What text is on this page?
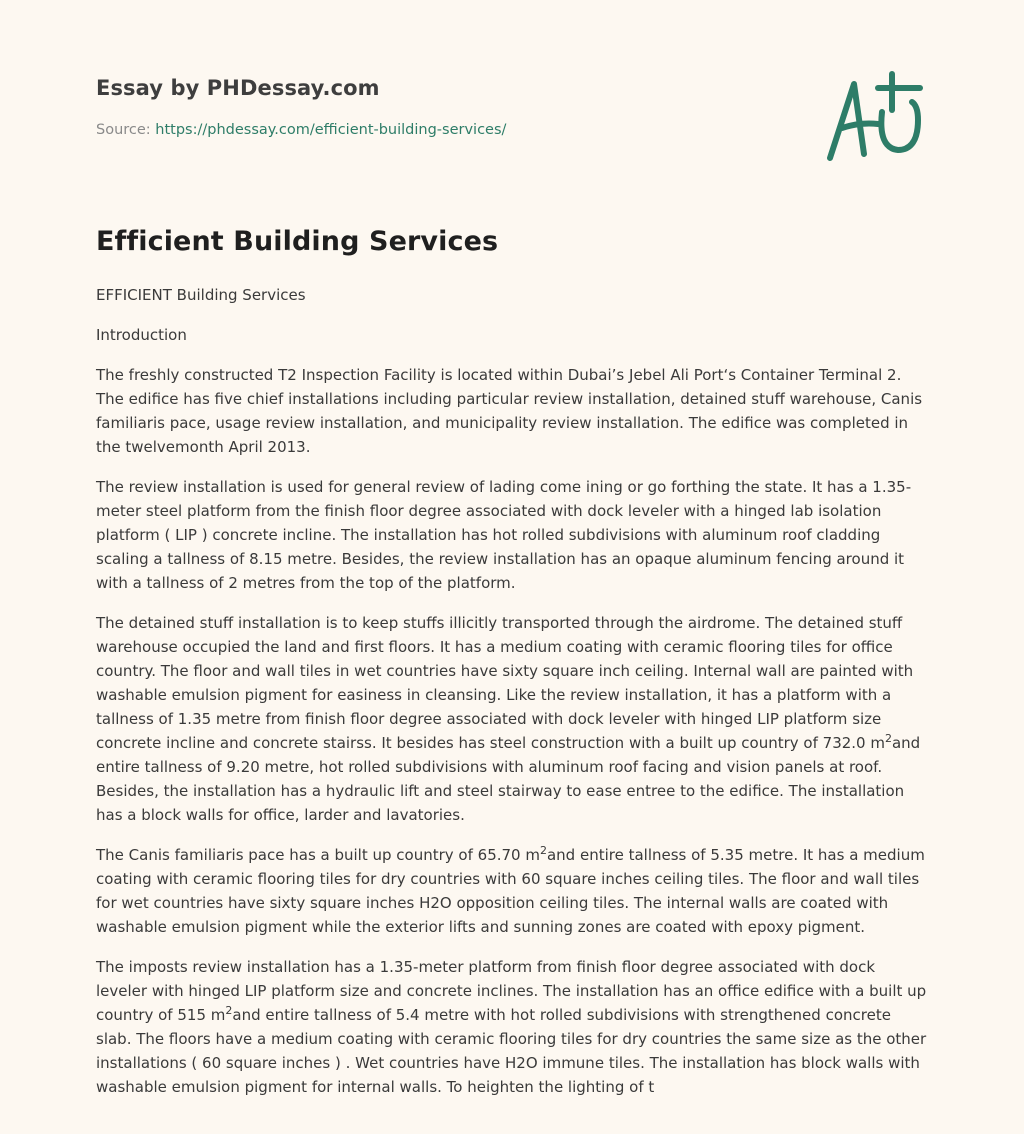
Essay by PHDessay.com
Source: https://phdessay.com/efficient-building-services/
Efficient Building Services

EFFICIENT Building Services

Introduction

The freshly constructed T2 Inspection Facility is located within Dubai’s Jebel Ali Port‘s Container Terminal 2. The edifice has five chief installations including particular review installation, detained stuff warehouse, Canis familiaris pace, usage review installation, and municipality review installation. The edifice was completed in the twelvemonth April 2013.

The review installation is used for general review of lading come ining or go forthing the state. It has a 1.35-meter steel platform from the finish floor degree associated with dock leveler with a hinged lab isolation platform ( LIP ) concrete incline. The installation has hot rolled subdivisions with aluminum roof cladding scaling a tallness of 8.15 metre. Besides, the review installation has an opaque aluminum fencing around it with a tallness of 2 metres from the top of the platform.

The detained stuff installation is to keep stuffs illicitly transported through the airdrome. The detained stuff warehouse occupied the land and first floors. It has a medium coating with ceramic flooring tiles for office country. The floor and wall tiles in wet countries have sixty square inch ceiling. Internal wall are painted with washable emulsion pigment for easiness in cleansing. Like the review installation, it has a platform with a tallness of 1.35 metre from finish floor degree associated with dock leveler with hinged LIP platform size concrete incline and concrete stairss. It besides has steel construction with a built up country of 732.0 $m^2and$ entire tallness of 9.20 metre, hot rolled subdivisions with aluminum roof facing and vision panels at roof. Besides, the installation has a hydraulic lift and steel stairway to ease entree to the edifice. The installation has a block walls for office, larder and lavatories.

The Canis familiaris pace has a built up country of 65.70 $m^2and$ entire tallness of 5.35 metre. It has a medium coating with ceramic flooring tiles for dry countries with 60 square inches ceiling tiles. The floor and wall tiles for wet countries have sixty square inches H2O opposition ceiling tiles. The internal walls are coated with washable emulsion pigment while the exterior lifts and sunning zones are coated with epoxy pigment.

The imposts review installation has a 1.35-meter platform from finish floor degree associated with dock leveler with hinged LIP platform size and concrete inclines. The installation has an office edifice with a built up country of 515 $m^2and$ entire tallness of 5.4 metre with hot rolled subdivisions with strengthened concrete slab. The floors have a medium coating with ceramic flooring tiles for dry countries the same size as the other installations ( 60 square inches ) . Wet countries have H2O immune tiles. The installation has block walls with washable emulsion pigment for internal walls. To heighten the lighting of t
